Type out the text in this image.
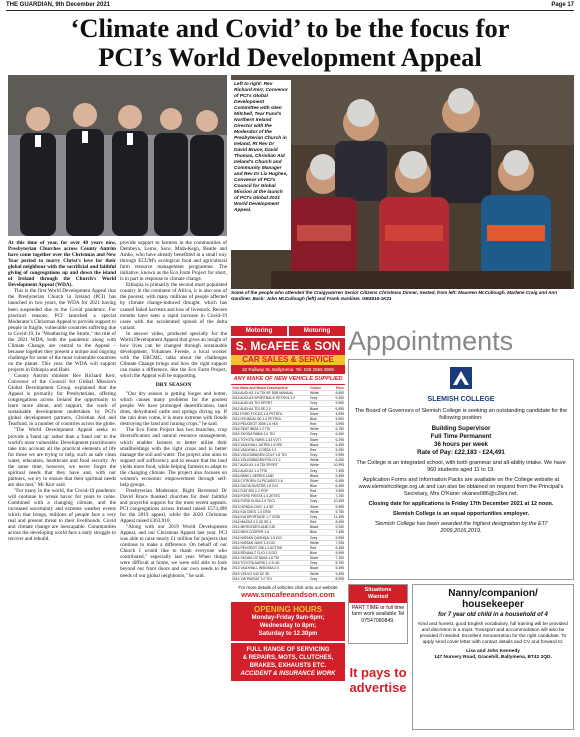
THE GUARDIAN, 9th December 2021	Page 17
‘Climate and Covid’ to be the focus for
PCI’s World Development Appeal

At this time of year, for over 40 years now, Presbyterian Churches across County Antrim have come together over the Christmas and New Year period to marry Christ's love for their global neighbour with the sacrificial and faithful giving of congregations up and down the island of Ireland through the Church's World Development Appeal (WDA).

This is the first World Development Appeal that the Presbyterian Church in Ireland (PCI) has launched in two years, the WDA for 2021 having been suspended due to the Covid pandemic. For practical reasons, PCI launched a special Moderator's Christmas Appeal to provide support to people in fragile, vulnerable countries suffering due to Covid-19. In "Weathering the Storm," the title of the 2021 WDA, both the pandemic along with Climate Change, are central to the Appeal – because together they present a unique and ongoing challenge for some of the most vulnerable countries on the planet. This year, the WDA will support projects in Ethiopia and Haiti.

County Antrim minister Rev Richard Kerr, Convenor of the Council for Global Mission's Global Development Group, explained that the Appeal is primarily for Presbyterians, offering congregations across Ireland the opportunity to learn more about, and support, the work of sustainable development undertaken by PCI's global development partners, Christian Aid and Tearfund, in a number of countries across the globe.

"The World Development Appeal seeks to provide a 'hand up' rather than a 'hand out' to the world's most vulnerable. Development practitioners take into account all the practical elements of life for those we are trying to help, such as safe clean water, education, healthcare and food security. At the same time, however, we never forget the spiritual needs that they have and, with our partners, we try to ensure that their spiritual needs are also met," Mr Kerr said.

"For many in the world, the Covid-19 pandemic will continue to wreak havoc for years to come. Combined with a changing climate, and the increased uncertainty and extreme weather events which that brings, millions of people face a very real and present threat to their livelihoods. Covid and climate change are inescapable. Communities across the developing world face a daily struggle to recover and rebuild.

provide support to farmers in the communities of Dembeya, Lemo, Soro, Mida-Kegn, Beatle and Ambo, who have already benefitted in a small way through ECUM's ecological food and agricultural farm resource management programme. The initiative, known as the Eco Farm Project for short, is in part in response to climate change.

Ethiopia is primarily the second most populated country in the continent of Africa, it is also one of the poorest, with many millions of people affected by climate change-induced drought, which has caused failed harvests and loss of livestock. Recent months have seen a rapid increase in Covid-19 cases with the accelerated spread of the delta variant.

In answer video, produced specially for the World Development Appeal that gives an insight of how lives can be changed through sustainable development, Yohannes Ferede, a local worker with the ERCMC, talks about the challenges Climate Change brings and how the right support can make a difference, like the Eco Farm Project, which the Appeal will be supporting.

DRY SEASON

"Our dry season is getting longer and hotter, which causes many problems for the poorest people. We have prolonged desertification, land dries, dehydrated cattle and springs drying up. If the rain does come, it is more extreme with floods destroying the land and ruining crops," he said.

The Eco Farm Project has two branches, crop diversification and natural resource management, which enables farmers to better utilise their smallholdings with the right crops and to better manage the soil and water. The project also aims to support self sufficiency and to ensure that the land yields more food, while helping farmers to adapt to the changing climate. The project also focuses on women's economic empowerment through self-help groups.

Presbyterian Moderator, Right Reverend Dr David Bruce thanked churches for their faithful and prayerful support for the most recent appeals. PCI congregations across Ireland raised £573,498 for the 2019 appeal, while the 2020 Christmas Appeal raised £363,910.

"Along with our 2019 World Development Appeal, and our Christmas Appeal last year, PCI was able to raise nearly £1 million for projects that continue to make a difference. On behalf of our Church I would like to thank everyone who contributed," especially last year. When things were difficult at home, we were still able to look beyond our front doors and our own needs to the needs of our global neighbours," he said.

Left to right: Rev Richard Kerr, Convenor of PCI's Global Development Committee with Glen Mitchell, Tear Fund's Northern Ireland Director with the Moderator of the Presbyterian Church in Ireland, Rt Rev Dr David Bruce, David Thomas, Christian Aid Ireland's Church and Community Manager and Rev Dr Liz Hughes, Convenor of PCI's Council for Global Mission at the launch of PCI's Global 2021 World Development Appeal.
Some of the people who attended the Craigywarren Senior Citizens Christmas Dinner, Seated, from left: Maureen McCullough, Marlene Craig and Ann Gardiner. Back: John McCullough (left) and Frank Gardiner. GB4916-1K21
Motoring	Motoring
S. McAFEE & SON
CAR SALES & SERVICE
32 Railway St, Ballymena. Tel. 028 2565 3909
ANY MAKE OF NEW VEHICLE SUPPLIED
Year Make and Model Diesel/petrol	Colour	Price
2016 AUDI A3 1.6 TDI SE 5DR MANUAL	White	8,650
2015 AUDI A3 SPORTBACK PETROL 1.2	Grey	9,250
2016 AUDI A3 TDI SPORT	Grey	9,950
2012 AUDI A4 TDI SE 2.0	Black	6,995
2011 FORD FOCUS 1.6 PETROL	Silver	4,995
2014 HYUNDAI I30 1.4 PETROL	Blue	5,950
2010 PEUGEOT 3008 1.6 HDI	Red	3,995
2016 SEAT IBIZA 1.2 TSI	White	6,750
2015 SKODA FABIA 1.4 TDI	Grey	6,450
2014 TOYOTA YARIS 1.33 VVTI	Silver	6,295
2013 VAUXHALL ASTRA 1.6 SRI	Black	5,495
2015 VAUXHALL CORSA 1.2	Red	5,250
2016 VOLKSWAGEN GOLF 1.6 TDI	Grey	9,995
2014 VOLKSWAGEN POLO 1.2	White	6,250
2017 AUDI A1 1.6 TDI SPORT	White	10,995
2013 AUDI A1 1.4 TFSI	Grey	7,495
2016 BMW 1 SERIES 116D	Black	9,495
2015 CITROEN C4 PICASSO 1.6	Silver	6,995
2014 DACIA DUSTER 1.5 DCI	Blue	6,495
2012 FIAT 500 1.2 POP	Red	3,995
2016 FORD FIESTA 1.0 ZETEC	Blue	7,250
2015 FORD KUGA 2.0 TDCI	Grey	10,495
2013 HONDA CIVIC 1.4 SE	Silver	5,995
2014 KIA CEED 1.4 CRDI	White	5,750
2016 KIA SPORTAGE 1.7 CRDI	Grey	11,495
2015 MAZDA 3 2.2D SE-L	Red	8,495
2014 MERCEDES A180 CDI	Black	9,250
2013 MINI COOPER 1.6	Blue	7,495
2015 NISSAN QASHQAI 1.5 DCI	Grey	9,995
2014 NISSAN JUKE 1.5 DCI	White	7,295
2016 PEUGEOT 208 1.2 ACTIVE	Red	6,495
2015 RENAULT CLIO 1.5 DCI	Blue	5,995
2014 SKODA OCTAVIA 1.6 TDI	Silver	7,250
2016 TOYOTA AURIS 1.4 D-4D	Grey	8,750
2013 VAUXHALL INSIGNIA 2.0	Black	5,495
2015 VOLVO V40 D2 SE	White	9,495
2014 VW PASSAT 2.0 TDI	Grey	8,995
For more details of vehicles click onto our website
www.smcafeeandson.com
OPENING HOURS
Monday-Friday 9am-6pm;
Wednesday to 8pm;
Saturday to 12.30pm
FULL RANGE OF SERVICING
& REPAIRS, MOTS, CLUTCHES,
BRAKES, EXHAUSTS ETC.
ACCIDENT & INSURANCE WORK
Appointments
SLEMISH COLLEGE
The Board of Governors of Slemish College is seeking an outstanding candidate for the following position:
Building Supervisor
Full Time Permanent
36 hours per week
Rate of Pay: £22,183 - £24,491
The College is an integrated school, with both grammar and all-ability intake. We have 960 students aged 11 to 19.
Application Forms and Information Packs are available on the College website at www.slemishcollege.org.uk and can also be obtained on request from the Principal's Secretary, Mrs O'Kane: okanes086@c2kni.net.
Closing date for applications is Friday 17th December 2021 at 12 noon.
Slemish College is an equal opportunities employer.
'Slemish College has been awarded the highest designation by the ETI' 2009,2016,2019.
Situations
Wanted
PART TIME or full time farm work available Tel 07547080849.
It pays to
advertise
Nanny/companion/
housekeeper
for 7 year old child in a household of 4
Kind and honest, good English vocabulary, full training will be provided and discretion is a must. Transport and accommodation will also be provided if needed. Excellent remuneration for the right candidate. To apply send cover letter with contact details and CV and forward to:
Lisa and John Kennedy
147 Nursery Road, Gracehill, Ballymena, BT42 2QD.
